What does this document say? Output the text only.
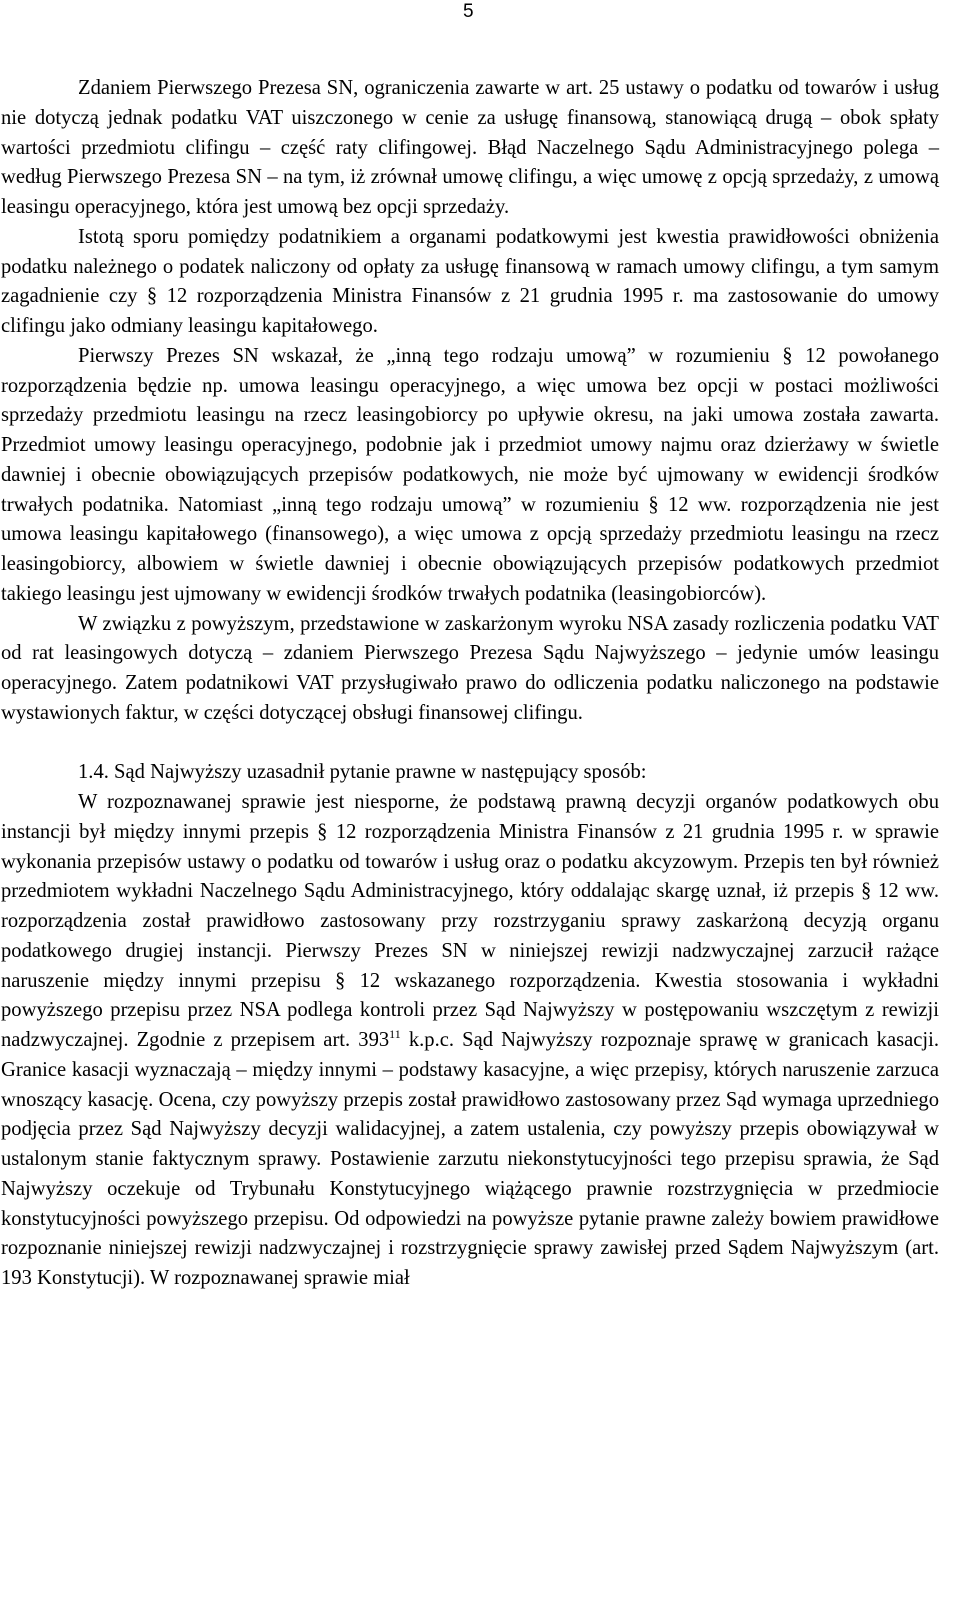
5

Zdaniem Pierwszego Prezesa SN, ograniczenia zawarte w art. 25 ustawy o podatku od towarów i usług nie dotyczą jednak podatku VAT uiszczonego w cenie za usługę finansową, stanowiącą drugą – obok spłaty wartości przedmiotu clifingu – część raty clifingowej. Błąd Naczelnego Sądu Administracyjnego polega – według Pierwszego Prezesa SN – na tym, iż zrównał umowę clifingu, a więc umowę z opcją sprzedaży, z umową leasingu operacyjnego, która jest umową bez opcji sprzedaży.

Istotą sporu pomiędzy podatnikiem a organami podatkowymi jest kwestia prawidłowości obniżenia podatku należnego o podatek naliczony od opłaty za usługę finansową w ramach umowy clifingu, a tym samym zagadnienie czy § 12 rozporządzenia Ministra Finansów z 21 grudnia 1995 r. ma zastosowanie do umowy clifingu jako odmiany leasingu kapitałowego.

Pierwszy Prezes SN wskazał, że „inną tego rodzaju umową” w rozumieniu § 12 powołanego rozporządzenia będzie np. umowa leasingu operacyjnego, a więc umowa bez opcji w postaci możliwości sprzedaży przedmiotu leasingu na rzecz leasingobiorcy po upływie okresu, na jaki umowa została zawarta. Przedmiot umowy leasingu operacyjnego, podobnie jak i przedmiot umowy najmu oraz dzierżawy w świetle dawniej i obecnie obowiązujących przepisów podatkowych, nie może być ujmowany w ewidencji środków trwałych podatnika. Natomiast „inną tego rodzaju umową” w rozumieniu § 12 ww. rozporządzenia nie jest umowa leasingu kapitałowego (finansowego), a więc umowa z opcją sprzedaży przedmiotu leasingu na rzecz leasingobiorcy, albowiem w świetle dawniej i obecnie obowiązujących przepisów podatkowych przedmiot takiego leasingu jest ujmowany w ewidencji środków trwałych podatnika (leasingobiorców).

W związku z powyższym, przedstawione w zaskarżonym wyroku NSA zasady rozliczenia podatku VAT od rat leasingowych dotyczą – zdaniem Pierwszego Prezesa Sądu Najwyższego – jedynie umów leasingu operacyjnego. Zatem podatnikowi VAT przysługiwało prawo do odliczenia podatku naliczonego na podstawie wystawionych faktur, w części dotyczącej obsługi finansowej clifingu.

1.4. Sąd Najwyższy uzasadnił pytanie prawne w następujący sposób:

W rozpoznawanej sprawie jest niesporne, że podstawą prawną decyzji organów podatkowych obu instancji był między innymi przepis § 12 rozporządzenia Ministra Finansów z 21 grudnia 1995 r. w sprawie wykonania przepisów ustawy o podatku od towarów i usług oraz o podatku akcyzowym. Przepis ten był również przedmiotem wykładni Naczelnego Sądu Administracyjnego, który oddalając skargę uznał, iż przepis § 12 ww. rozporządzenia został prawidłowo zastosowany przy rozstrzyganiu sprawy zaskarżoną decyzją organu podatkowego drugiej instancji. Pierwszy Prezes SN w niniejszej rewizji nadzwyczajnej zarzucił rażące naruszenie między innymi przepisu § 12 wskazanego rozporządzenia. Kwestia stosowania i wykładni powyższego przepisu przez NSA podlega kontroli przez Sąd Najwyższy w postępowaniu wszczętym z rewizji nadzwyczajnej. Zgodnie z przepisem art. $393^{11}$ k.p.c. Sąd Najwyższy rozpoznaje sprawę w granicach kasacji. Granice kasacji wyznaczają – między innymi – podstawy kasacyjne, a więc przepisy, których naruszenie zarzuca wnoszący kasację. Ocena, czy powyższy przepis został prawidłowo zastosowany przez Sąd wymaga uprzedniego podjęcia przez Sąd Najwyższy decyzji walidacyjnej, a zatem ustalenia, czy powyższy przepis obowiązywał w ustalonym stanie faktycznym sprawy. Postawienie zarzutu niekonstytucyjności tego przepisu sprawia, że Sąd Najwyższy oczekuje od Trybunału Konstytucyjnego wiążącego prawnie rozstrzygnięcia w przedmiocie konstytucyjności powyższego przepisu. Od odpowiedzi na powyższe pytanie prawne zależy bowiem prawidłowe rozpoznanie niniejszej rewizji nadzwyczajnej i rozstrzygnięcie sprawy zawisłej przed Sądem Najwyższym (art. 193 Konstytucji). W rozpoznawanej sprawie miał
